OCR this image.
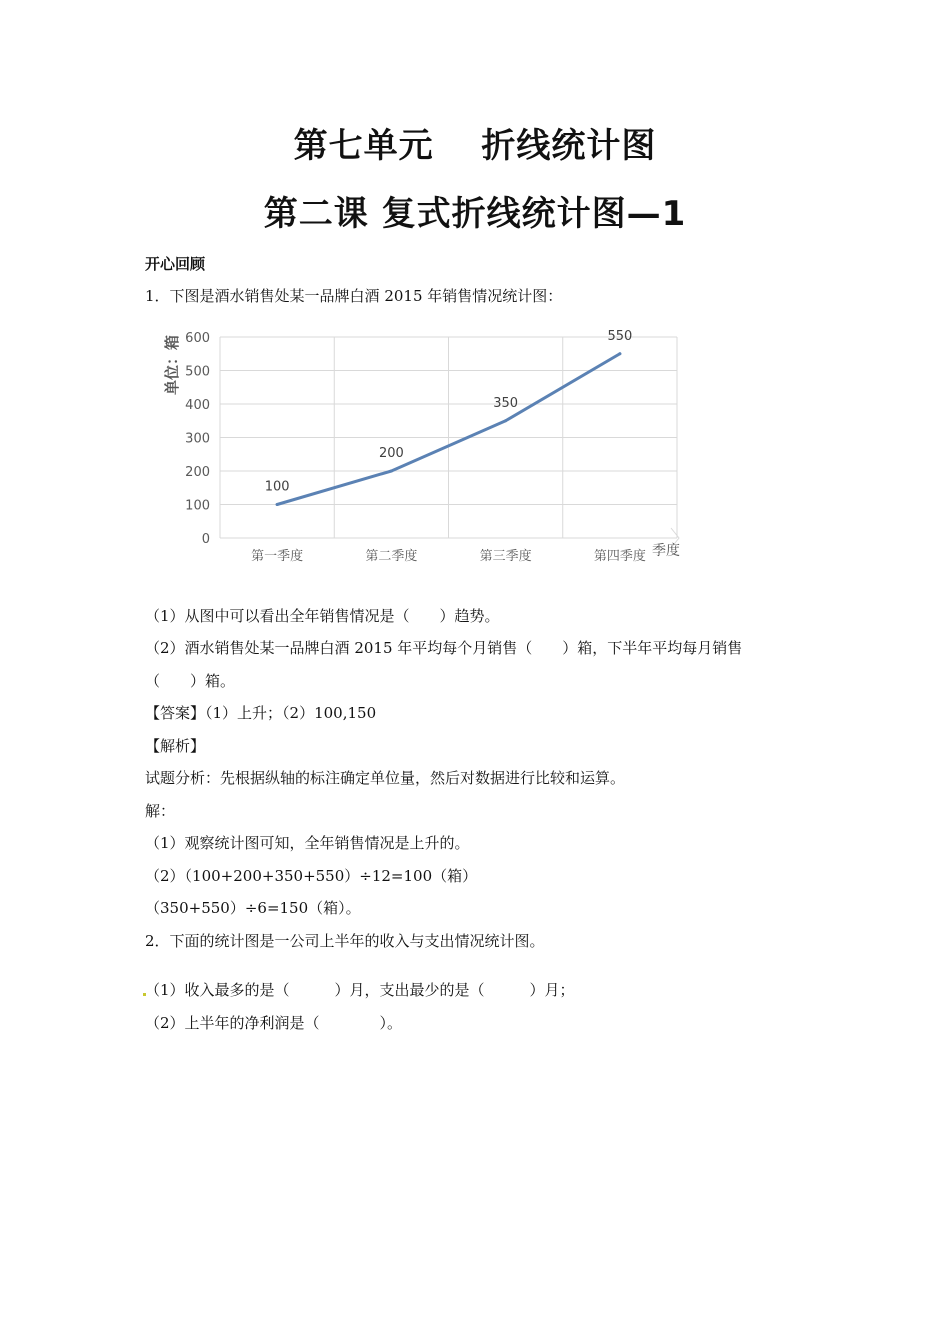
第七单元　 折线统计图
第二课 复式折线统计图—1
开心回顾
1．下图是酒水销售处某一品牌白酒 2015 年销售情况统计图：
0
100
200
300
400
500
600
第一季度	第二季度	第三季度	第四季度
100
200
350
550
单位：箱
季度
（1）从图中可以看出全年销售情况是（　　）趋势。
（2）酒水销售处某一品牌白酒 2015 年平均每个月销售（　　）箱，下半年平均每月销售
（　　）箱。
【答案】（1）上升；（2）100,150
【解析】
试题分析：先根据纵轴的标注确定单位量，然后对数据进行比较和运算。
解：
（1）观察统计图可知，全年销售情况是上升的。
（2）（100+200+350+550）÷12=100（箱）
（350+550）÷6=150（箱）。
2．下面的统计图是一公司上半年的收入与支出情况统计图。
（1）收入最多的是（　　　）月，支出最少的是（　　　）月；
（2）上半年的净利润是（　　　　）。
